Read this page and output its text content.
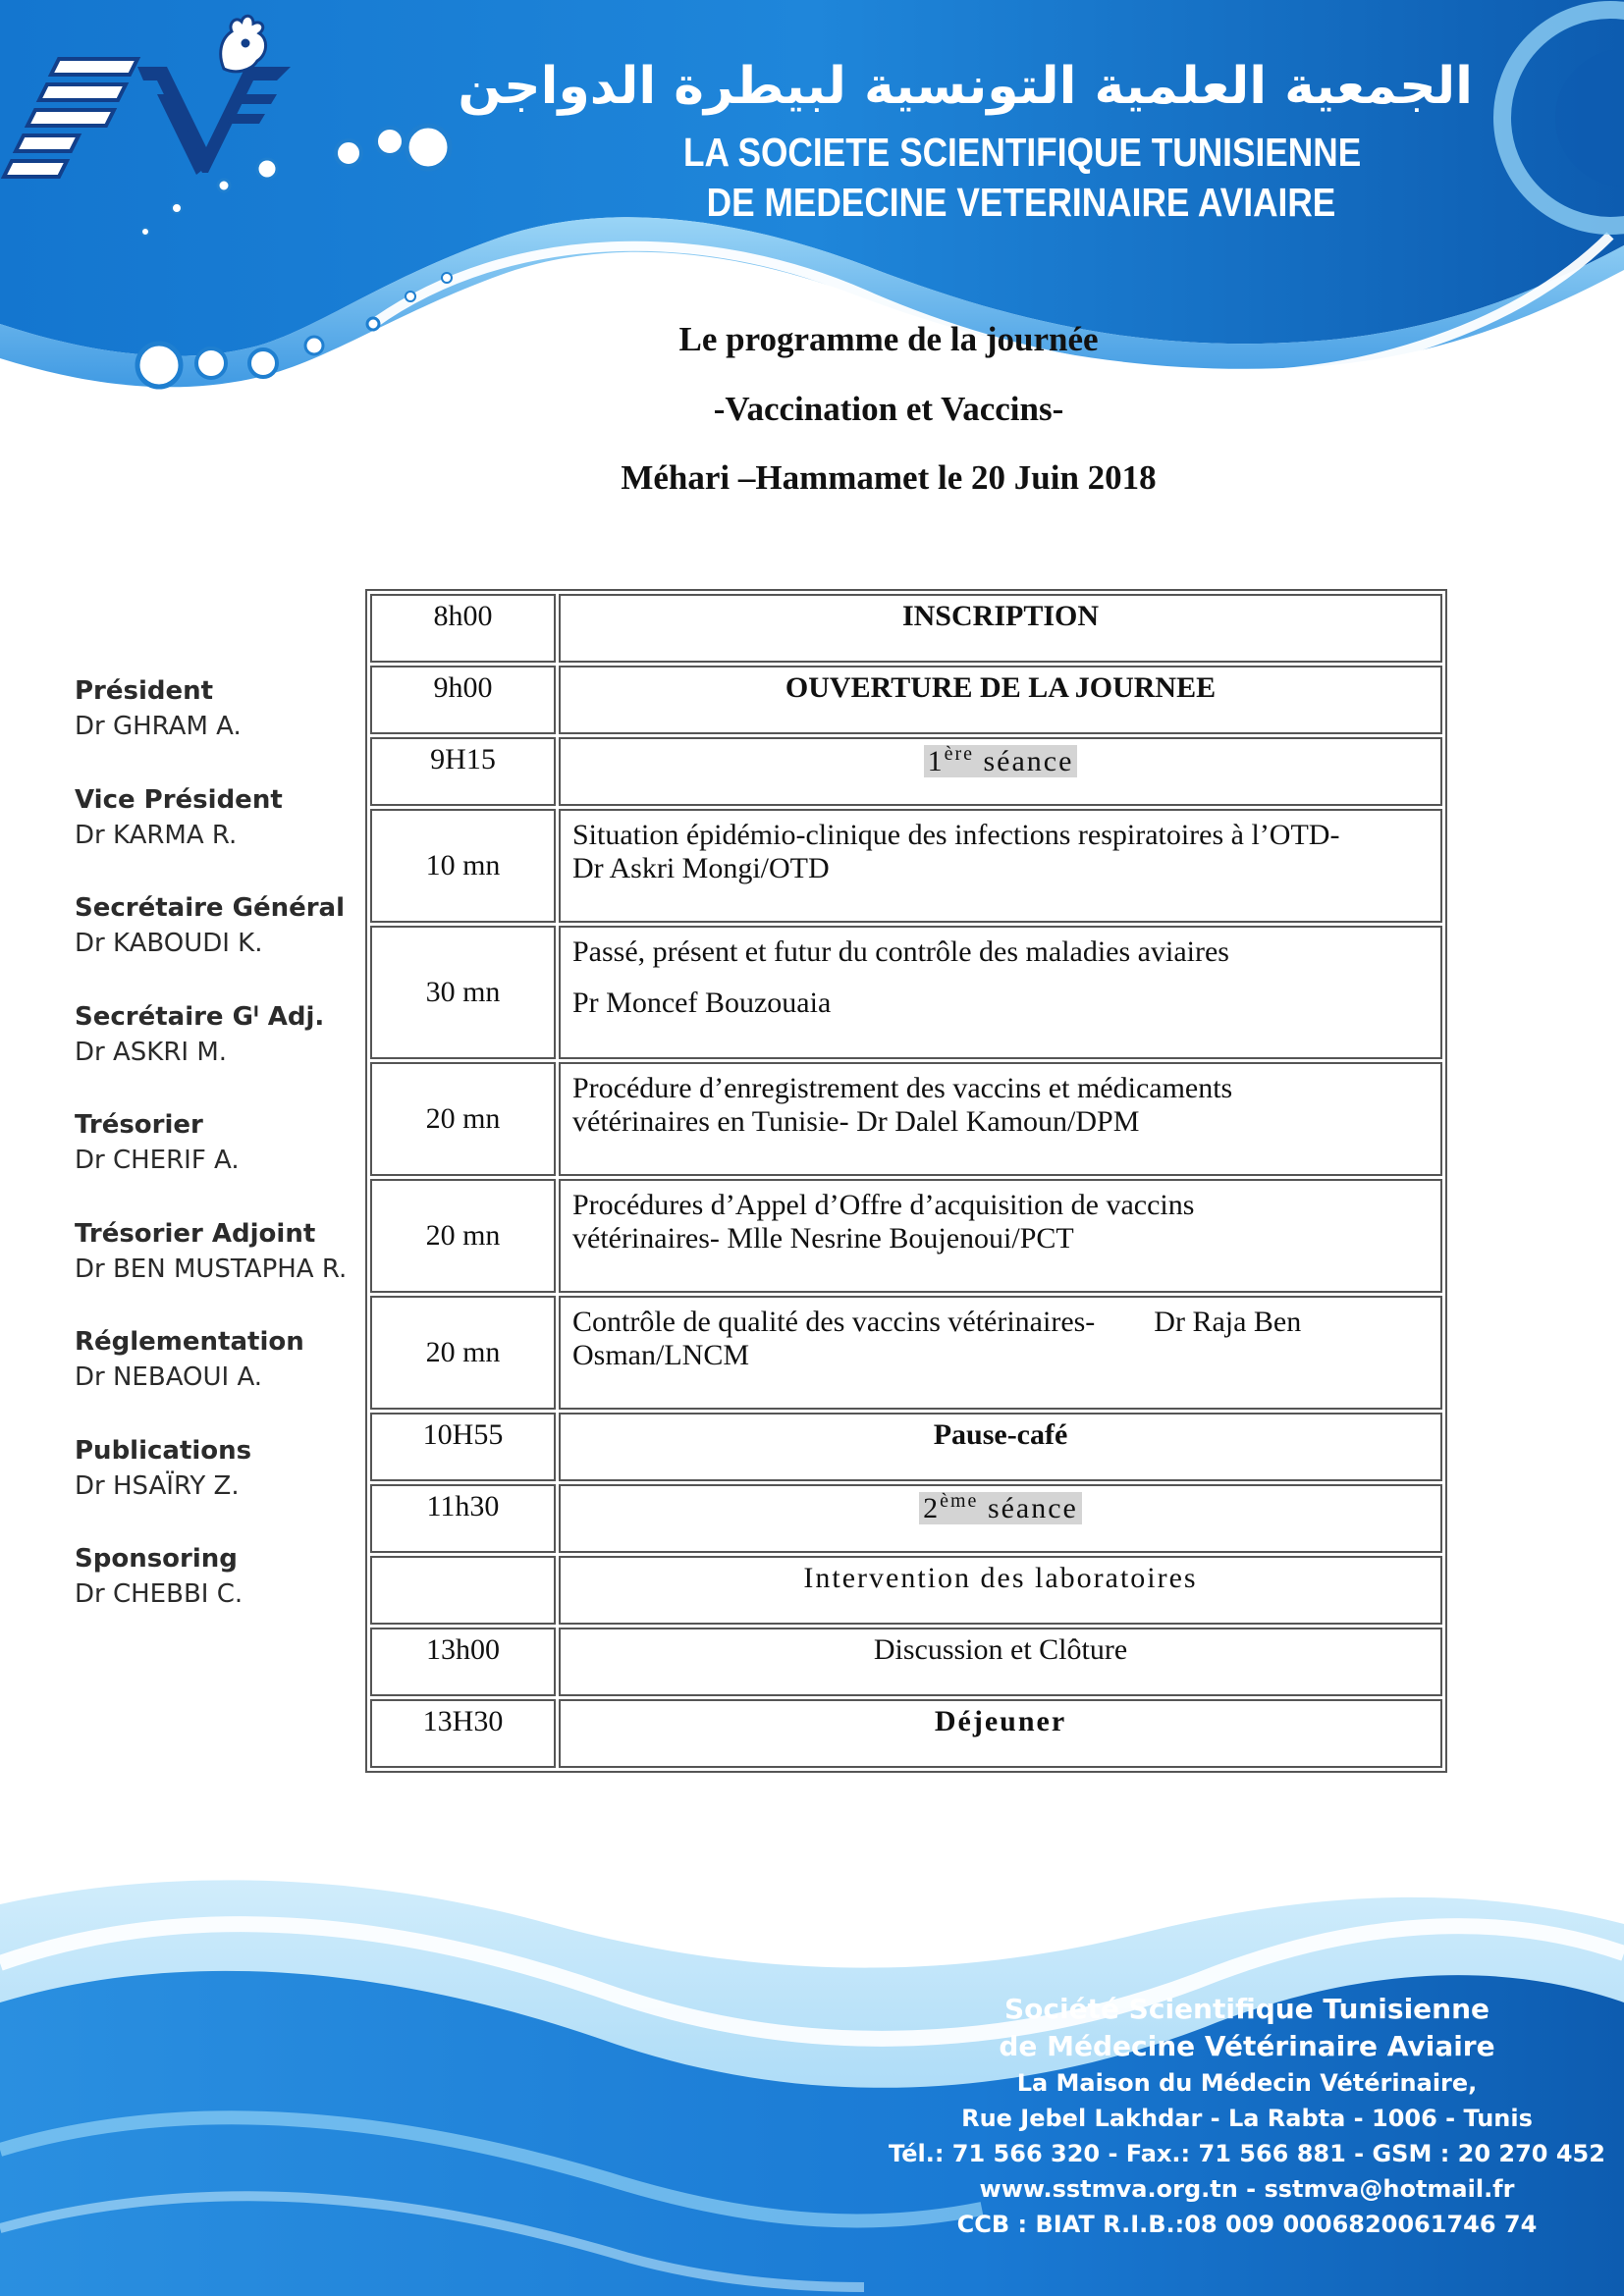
الجمعية العلمية التونسية لبيطرة الدواجن
LA SOCIETE SCIENTIFIQUE TUNISIENNE
DE MEDECINE VETERINAIRE AVIAIRE
Le programme de la journée
-Vaccination et Vaccins-
Méhari –Hammamet le 20 Juin 2018
Président
Dr GHRAM A.
Vice Président
Dr KARMA R.
Secrétaire Général
Dr KABOUDI K.
Secrétaire Gˡ Adj.
Dr ASKRI M.
Trésorier
Dr CHERIF A.
Trésorier Adjoint
Dr BEN MUSTAPHA R.
Réglementation
Dr NEBAOUI A.
Publications
Dr HSAÏRY Z.
Sponsoring
Dr CHEBBI C.
8h00	INSCRIPTION
9h00	OUVERTURE DE LA JOURNEE
9H15	1ère séance
10 mn	Situation épidémio-clinique des infections respiratoires à l’OTD-
Dr Askri Mongi/OTD

30 mn	Passé, présent et futur du contrôle des maladies aviaires
Pr Moncef Bouzouaia

20 mn	Procédure d’enregistrement des vaccins et médicaments
vétérinaires en Tunisie- Dr Dalel Kamoun/DPM

20 mn	Procédures d’Appel d’Offre d’acquisition de vaccins
vétérinaires- Mlle Nesrine Boujenoui/PCT

20 mn	Contrôle de qualité des vaccins vétérinaires-        Dr Raja Ben
Osman/LNCM

10H55	Pause-café
11h30	2ème séance
	Intervention des laboratoires
13h00	Discussion et Clôture
13H30	Déjeuner
Société Scientifique Tunisienne
de Médecine Vétérinaire Aviaire
La Maison du Médecin Vétérinaire,
Rue Jebel Lakhdar - La Rabta - 1006 - Tunis
Tél.: 71 566 320 - Fax.: 71 566 881 - GSM : 20 270 452
www.sstmva.org.tn - sstmva@hotmail.fr
CCB : BIAT R.I.B.:08 009 0006820061746 74
